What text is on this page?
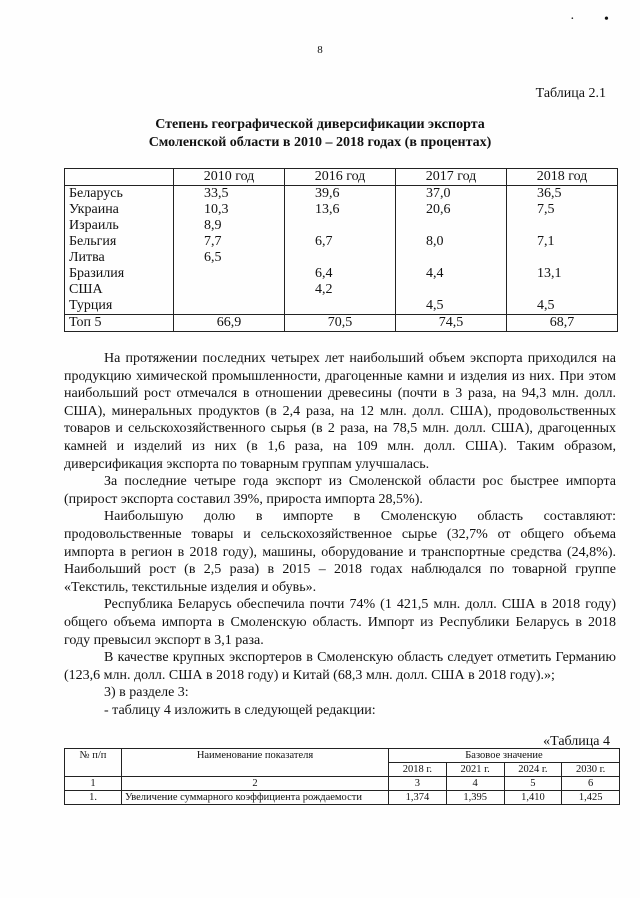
· •
8
Таблица 2.1
Степень географической диверсификации экспорта
Смоленской области в 2010 – 2018 годах (в процентах)
	2010 год	2016 год	2017 год	2018 год
Беларусь	33,5	39,6	37,0	36,5
Украина	10,3	13,6	20,6	7,5
Израиль	8,9			
Бельгия	7,7	6,7	8,0	7,1
Литва	6,5			
Бразилия		6,4	4,4	13,1
США		4,2		
Турция			4,5	4,5
Топ 5	66,9	70,5	74,5	68,7

На протяжении последних четырех лет наибольший объем экспорта приходился на продукцию химической промышленности, драгоценные камни и изделия из них. При этом наибольший рост отмечался в отношении древесины (почти в 3 раза, на 94,3 млн. долл. США), минеральных продуктов (в 2,4 раза, на 12 млн. долл. США), продовольственных товаров и сельскохозяйственного сырья (в 2 раза, на 78,5 млн. долл. США), драгоценных камней и изделий из них (в 1,6 раза, на 109 млн. долл. США). Таким образом, диверсификация экспорта по товарным группам улучшалась.

За последние четыре года экспорт из Смоленской области рос быстрее импорта (прирост экспорта составил 39%, прироста импорта 28,5%).

Наибольшую долю в импорте в Смоленскую область составляют: продовольственные товары и сельскохозяйственное сырье (32,7% от общего объема импорта в регион в 2018 году), машины, оборудование и транспортные средства (24,8%). Наибольший рост (в 2,5 раза) в 2015 – 2018 годах наблюдался по товарной группе «Текстиль, текстильные изделия и обувь».

Республика Беларусь обеспечила почти 74% (1 421,5 млн. долл. США в 2018 году) общего объема импорта в Смоленскую область. Импорт из Республики Беларусь в 2018 году превысил экспорт в 3,1 раза.

В качестве крупных экспортеров в Смоленскую область следует отметить Германию (123,6 млн. долл. США в 2018 году) и Китай (68,3 млн. долл. США в 2018 году).»;

3) в разделе 3:

- таблицу 4 изложить в следующей редакции:

«Таблица 4
№ п/п	Наименование показателя	Базовое значение			
		2018 г.	2021 г.	2024 г.	2030 г.
1	2	3	4	5	6
1.	Увеличение суммарного коэффициента рождаемости	1,374	1,395	1,410	1,425
